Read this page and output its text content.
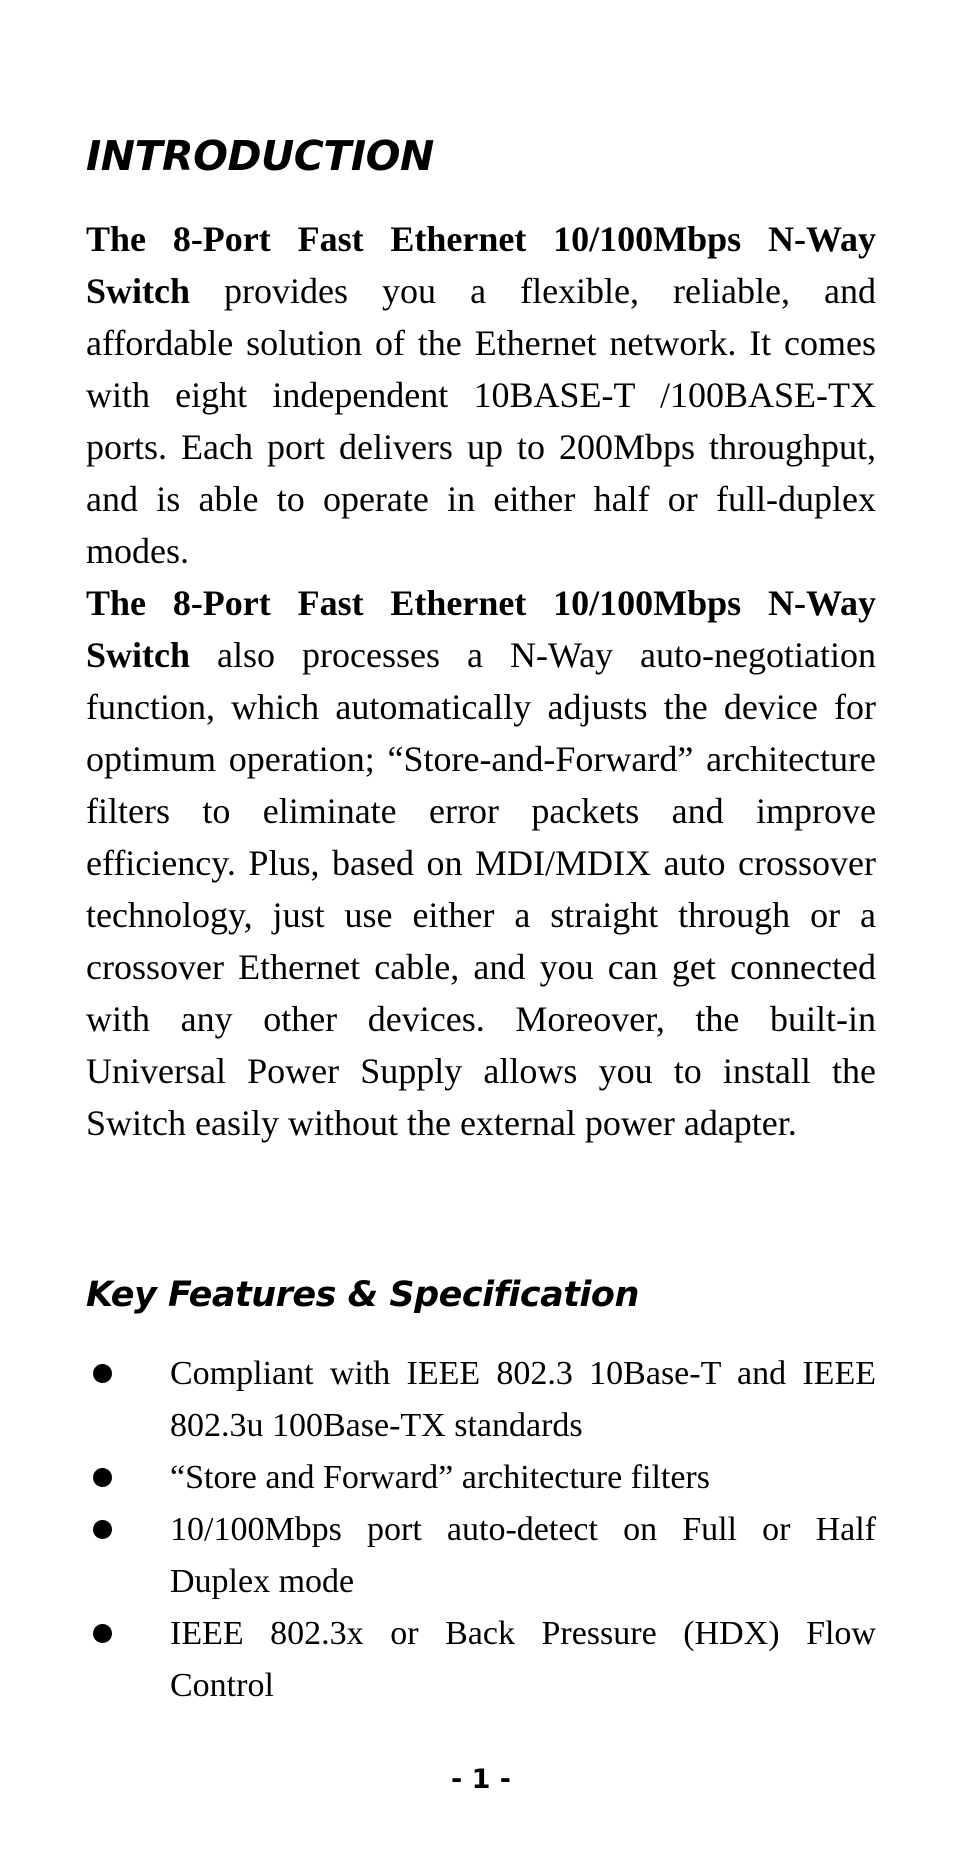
INTRODUCTION

The 8-Port Fast Ethernet 10/100Mbps N-Way Switch provides you a flexible, reliable, and affordable solution of the Ethernet network. It comes with eight independent 10BASE-T /100BASE-TX ports. Each port delivers up to 200Mbps throughput, and is able to operate in either half or full-duplex modes.

The 8-Port Fast Ethernet 10/100Mbps N-Way Switch also processes a N-Way auto-negotiation function, which automatically adjusts the device for optimum operation; “Store-and-Forward” architecture filters to eliminate error packets and improve efficiency. Plus, based on MDI/MDIX auto crossover technology, just use either a straight through or a crossover Ethernet cable, and you can get connected with any other devices. Moreover, the built-in Universal Power Supply allows you to install the Switch easily without the external power adapter.

Key Features & Specification
Compliant with IEEE 802.3 10Base-T and IEEE 802.3u 100Base-TX standards
“Store and Forward” architecture filters
10/100Mbps port auto-detect on Full or Half Duplex mode
IEEE 802.3x or Back Pressure (HDX) Flow Control
- 1 -
